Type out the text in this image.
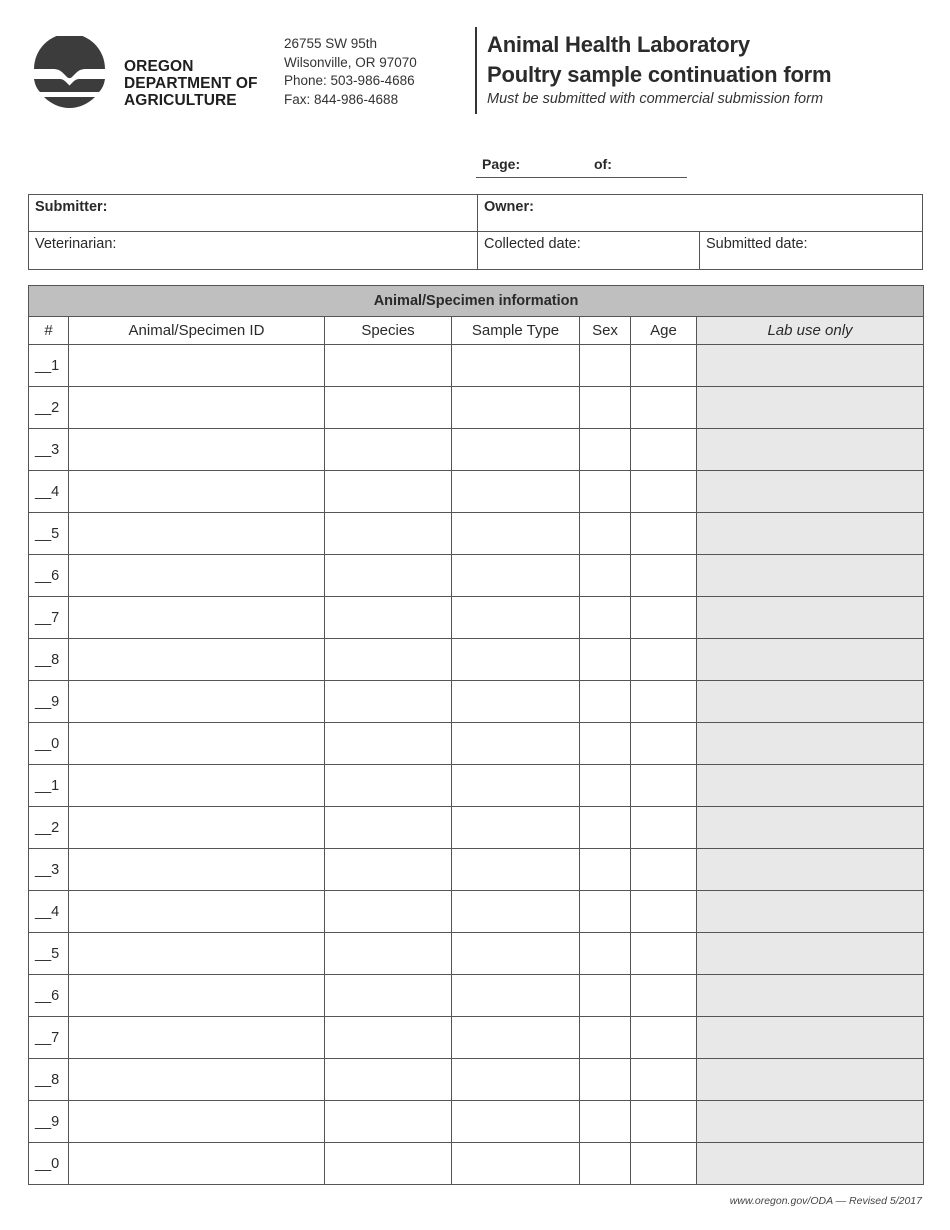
OREGON
DEPARTMENT OF
AGRICULTURE
26755 SW 95th
Wilsonville, OR 97070
Phone: 503-986-4686
Fax: 844-986-4688
Animal Health Laboratory
Poultry sample continuation form
Must be submitted with commercial submission form
Page:	of:
Submitter:	Owner:
Veterinarian:	Collected date:	Submitted date:
Animal/Specimen information						
#	Animal/Specimen ID	Species	Sample Type	Sex	Age	Lab use only
__1						
__2						
__3						
__4						
__5						
__6						
__7						
__8						
__9						
__0						
__1						
__2						
__3						
__4						
__5						
__6						
__7						
__8						
__9						
__0						
www.oregon.gov/ODA — Revised 5/2017
